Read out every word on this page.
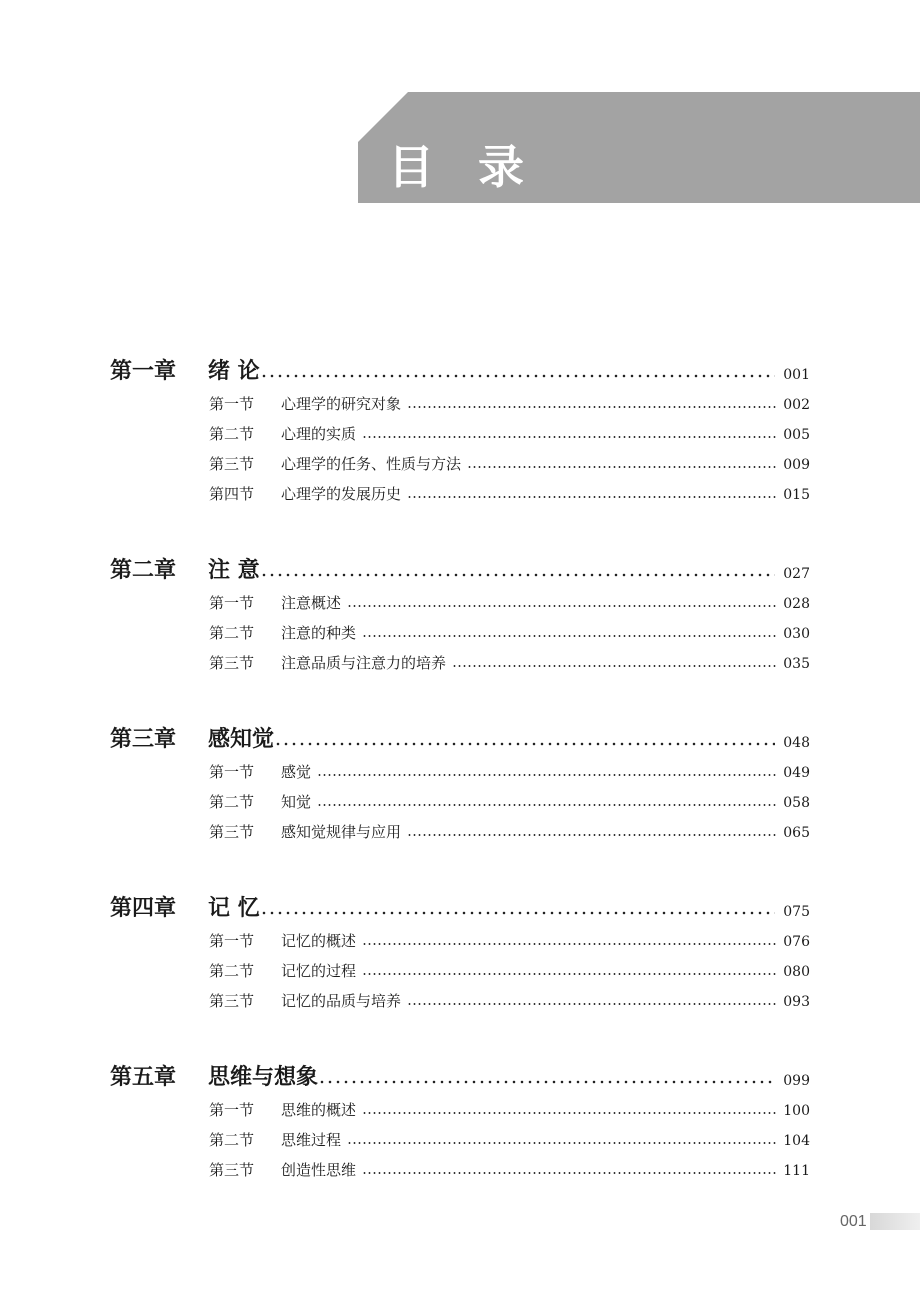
目录
第一章	绪 论	001
第一节	心理学的研究对象	002
第二节	心理的实质	005
第三节	心理学的任务、性质与方法	009
第四节	心理学的发展历史	015
第二章	注 意	027
第一节	注意概述	028
第二节	注意的种类	030
第三节	注意品质与注意力的培养	035
第三章	感知觉	048
第一节	感觉	049
第二节	知觉	058
第三节	感知觉规律与应用	065
第四章	记 忆	075
第一节	记忆的概述	076
第二节	记忆的过程	080
第三节	记忆的品质与培养	093
第五章	思维与想象	099
第一节	思维的概述	100
第二节	思维过程	104
第三节	创造性思维	111
001
